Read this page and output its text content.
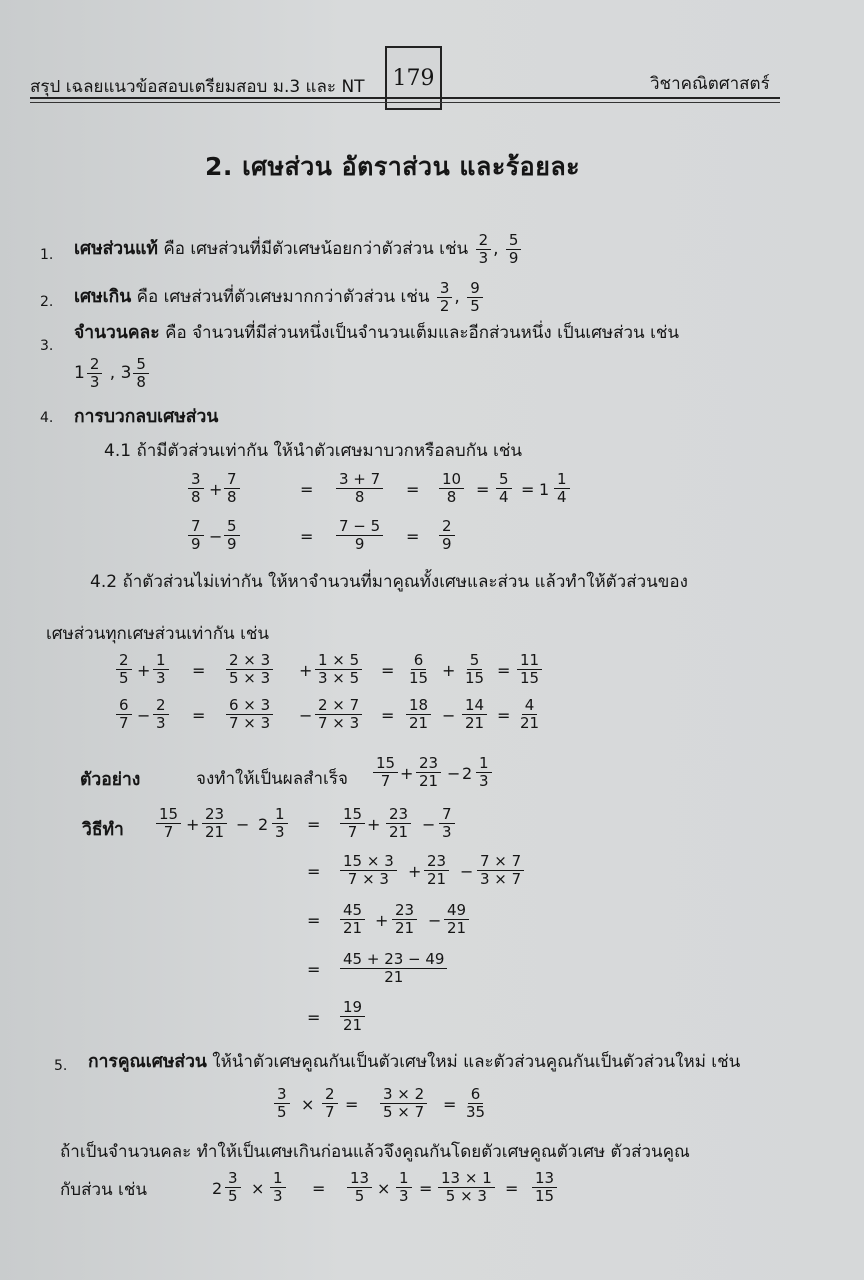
สรุป เฉลยแนวข้อสอบเตรียมสอบ ม.3 และ NT 179	วิชาคณิตศาสตร์
2. เศษส่วน อัตราส่วน และร้อยละ
1. เศษส่วนแท้ คือ เศษส่วนที่มีตัวเศษน้อยกว่าตัวส่วน เช่น $\frac{2}{3}$ , $\frac{5}{9}$
2. เศษเกิน คือ เศษส่วนที่ตัวเศษมากกว่าตัวส่วน เช่น $\frac{3}{2}$ , $\frac{9}{5}$
3.
จำนวนคละ คือ จำนวนที่มีส่วนหนึ่งเป็นจำนวนเต็มและอีกส่วนหนึ่ง เป็นเศษส่วน เช่น
$1 \frac{2}{3}$ , $3 \frac{5}{8}$
4. การบวกลบเศษส่วน
4.1 ถ้ามีตัวส่วนเท่ากัน ให้นำตัวเศษมาบวกหรือลบกัน เช่น
$\frac{3}{8} + \frac{7}{8}$	= $\frac{3 + 7}{8} = \frac{10}{8} = \frac{5}{4} = 1 \frac{1}{4}$
$\frac{7}{9} - \frac{5}{9}$	= $\frac{7 - 5}{9} = \frac{2}{9}$
4.2 ถ้าตัวส่วนไม่เท่ากัน ให้หาจำนวนที่มาคูณทั้งเศษและส่วน แล้วทำให้ตัวส่วนของ
เศษส่วนทุกเศษส่วนเท่ากัน เช่น
$\frac{2}{5} + \frac{1}{3} = \frac{2 \times 3}{5 \times 3} + \frac{1 \times 5}{3 \times 5} = \frac{6}{15} + \frac{5}{15} = \frac{11}{15}$
$\frac{6}{7} - \frac{2}{3} = \frac{6 \times 3}{7 \times 3} - \frac{2 \times 7}{7 \times 3} = \frac{18}{21} - \frac{14}{21} = \frac{4}{21}$
ตัวอย่าง	จงทำให้เป็นผลสำเร็จ $\frac{15}{7} + \frac{23}{21} - 2 \frac{1}{3}$
วิธีทำ $\frac{15}{7} + \frac{23}{21} - 2 \frac{1}{3} = \frac{15}{7} + \frac{23}{21} - \frac{7}{3}$
= $\frac{15 \times 3}{7 \times 3} + \frac{23}{21} - \frac{7 \times 7}{3 \times 7}$
= $\frac{45}{21} + \frac{23}{21} - \frac{49}{21}$
= $\frac{45 + 23 - 49}{21}$
= $\frac{19}{21}$
5. การคูณเศษส่วน ให้นำตัวเศษคูณกันเป็นตัวเศษใหม่ และตัวส่วนคูณกันเป็นตัวส่วนใหม่ เช่น
$\frac{3}{5} \times \frac{2}{7} = \frac{3 \times 2}{5 \times 7} = \frac{6}{35}$
ถ้าเป็นจำนวนคละ ทำให้เป็นเศษเกินก่อนแล้วจึงคูณกันโดยตัวเศษคูณตัวเศษ ตัวส่วนคูณ
กับส่วน เช่น	$2 \frac{3}{5} \times \frac{1}{3} = \frac{13}{5} \times \frac{1}{3} = \frac{13 \times 1}{5 \times 3} = \frac{13}{15}$
